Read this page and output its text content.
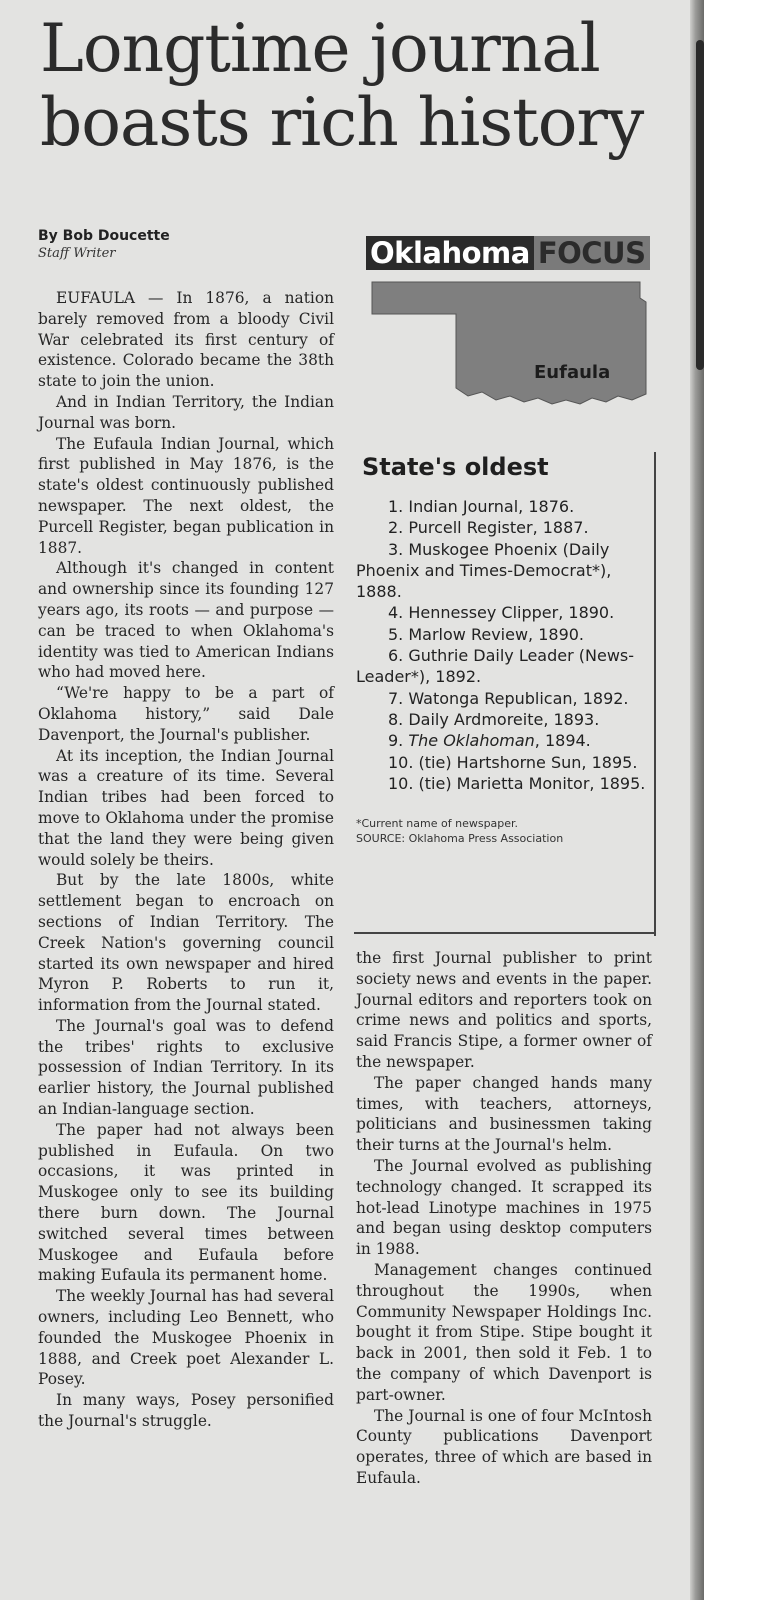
Longtime journal boasts rich history
By Bob Doucette
Staff Writer	Oklahoma FOCUS
Eufaula

EUFAULA — In 1876, a nation barely removed from a bloody Civil War celebrated its first century of existence. Colorado became the 38th state to join the union.

And in Indian Territory, the Indian Journal was born.

The Eufaula Indian Journal, which first published in May 1876, is the state's oldest continuously published newspaper. The next oldest, the Purcell Register, began publication in 1887.

Although it's changed in content and ownership since its founding 127 years ago, its roots — and purpose — can be traced to when Oklahoma's identity was tied to American Indians who had moved here.

“We're happy to be a part of Oklahoma history,” said Dale Davenport, the Journal's publisher.

At its inception, the Indian Journal was a creature of its time. Several Indian tribes had been forced to move to Oklahoma under the promise that the land they were being given would solely be theirs.

But by the late 1800s, white settlement began to encroach on sections of Indian Territory. The Creek Nation's governing council started its own newspaper and hired Myron P. Roberts to run it, information from the Journal stated.

The Journal's goal was to defend the tribes' rights to exclusive possession of Indian Territory. In its earlier history, the Journal published an Indian-language section.

The paper had not always been published in Eufaula. On two occasions, it was printed in Muskogee only to see its building there burn down. The Journal switched several times between Muskogee and Eufaula before making Eufaula its permanent home.

The weekly Journal has had several owners, including Leo Bennett, who founded the Muskogee Phoenix in 1888, and Creek poet Alexander L. Posey.

In many ways, Posey personified the Journal's struggle.

State's oldest
1. Indian Journal, 1876.
2. Purcell Register, 1887.
3. Muskogee Phoenix (Daily Phoenix and Times-Democrat*), 1888.
4. Hennessey Clipper, 1890.
5. Marlow Review, 1890.
6. Guthrie Daily Leader (News-Leader*), 1892.
7. Watonga Republican, 1892.
8. Daily Ardmoreite, 1893.
9. The Oklahoman, 1894.
10. (tie) Hartshorne Sun, 1895.
10. (tie) Marietta Monitor, 1895.
*Current name of newspaper.
SOURCE: Oklahoma Press Association

the first Journal publisher to print society news and events in the paper. Journal editors and reporters took on crime news and politics and sports, said Francis Stipe, a former owner of the newspaper.

The paper changed hands many times, with teachers, attorneys, politicians and businessmen taking their turns at the Journal's helm.

The Journal evolved as publishing technology changed. It scrapped its hot-lead Linotype machines in 1975 and began using desktop computers in 1988.

Management changes continued throughout the 1990s, when Community Newspaper Holdings Inc. bought it from Stipe. Stipe bought it back in 2001, then sold it Feb. 1 to the company of which Davenport is part-owner.

The Journal is one of four McIntosh County publications Davenport operates, three of which are based in Eufaula.
